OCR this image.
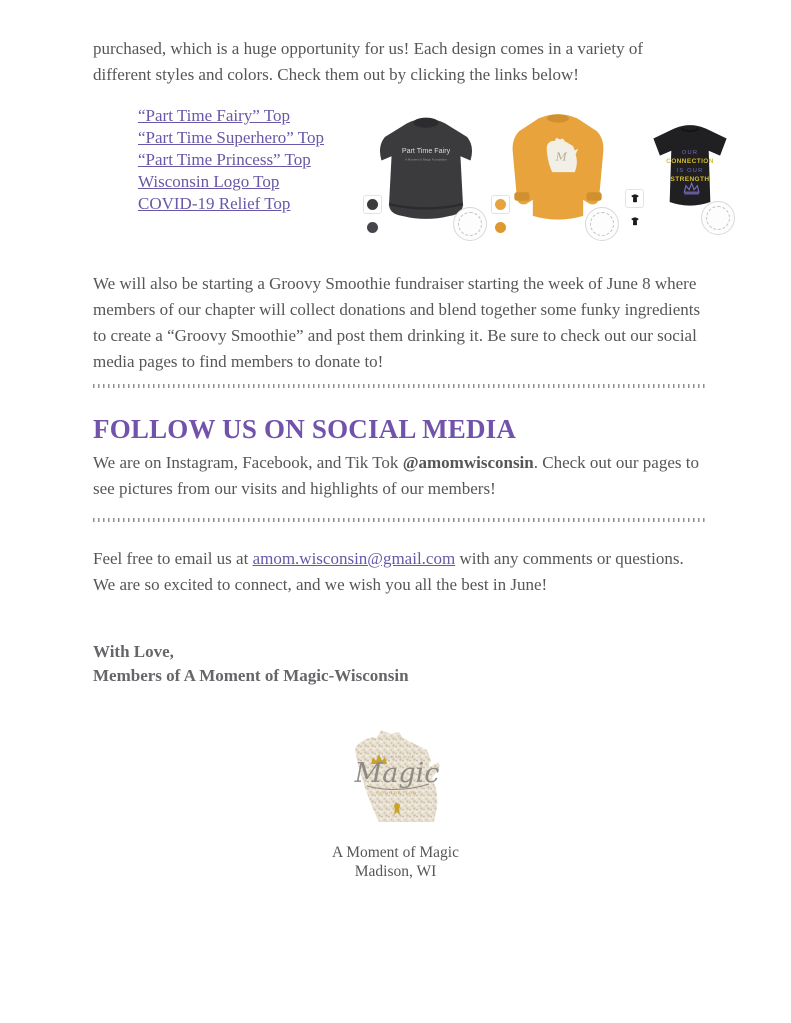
purchased, which is a huge opportunity for us! Each design comes in a variety of different styles and colors. Check them out by clicking the links below!

“Part Time Fairy” Top
“Part Time Superhero” Top
“Part Time Princess” Top
Wisconsin Logo Top
COVID-19 Relief Top
Part Time Fairy
A Moment of Magic Foundation	M	OUR
CONNECTION
IS OUR
STRENGTH

We will also be starting a Groovy Smoothie fundraiser starting the week of June 8 where members of our chapter will collect donations and blend together some funky ingredients to create a “Groovy Smoothie” and post them drinking it. Be sure to check out our social media pages to find members to donate to!

FOLLOW US ON SOCIAL MEDIA

We are on Instagram, Facebook, and Tik Tok @amomwisconsin. Check out our pages to see pictures from our visits and highlights of our members!

Feel free to email us at amom.wisconsin@gmail.com with any comments or questions. We are so excited to connect, and we wish you all the best in June!

With Love,

Members of A Moment of Magic-Wisconsin

A MOMENT OF
Magic
FOUNDATION

A Moment of Magic

Madison, WI
